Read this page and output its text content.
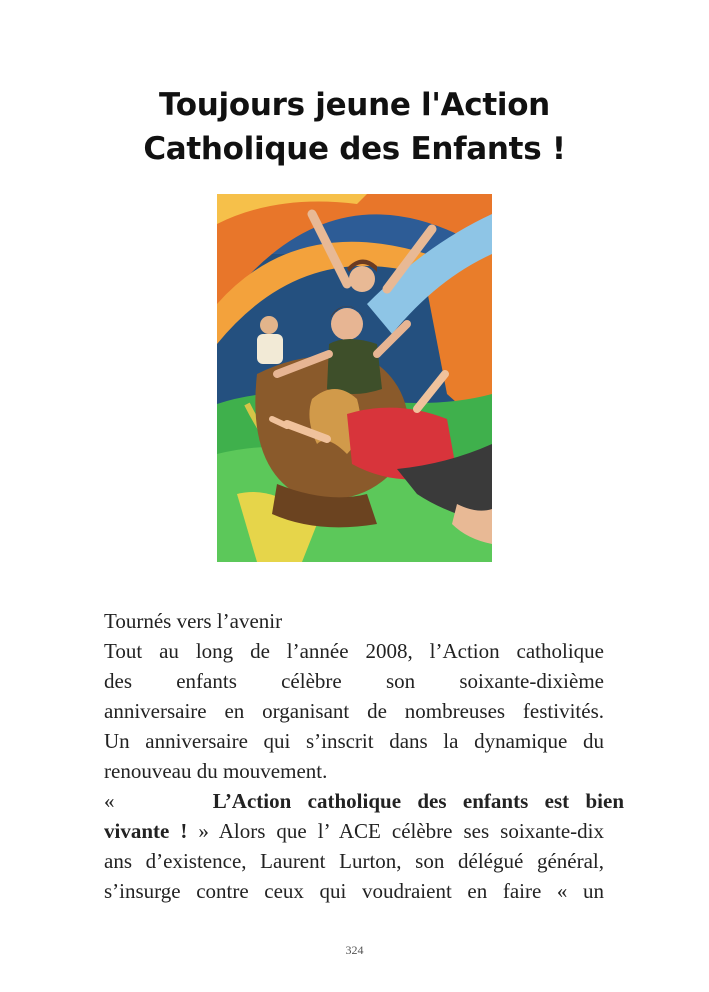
Toujours jeune l'Action
Catholique des Enfants !

Tournés vers l’avenir

Tout au long de l’année 2008, l’Action catholique

des enfants célèbre son soixante-dixième

anniversaire en organisant de nombreuses festivités.

Un anniversaire qui s’inscrit dans la dynamique du

renouveau du mouvement.

«	L’Action catholique des enfants est bien

vivante ! » Alors que l’ ACE célèbre ses soixante-dix

ans d’existence, Laurent Lurton, son délégué général,

s’insurge contre ceux qui voudraient en faire « un

324
